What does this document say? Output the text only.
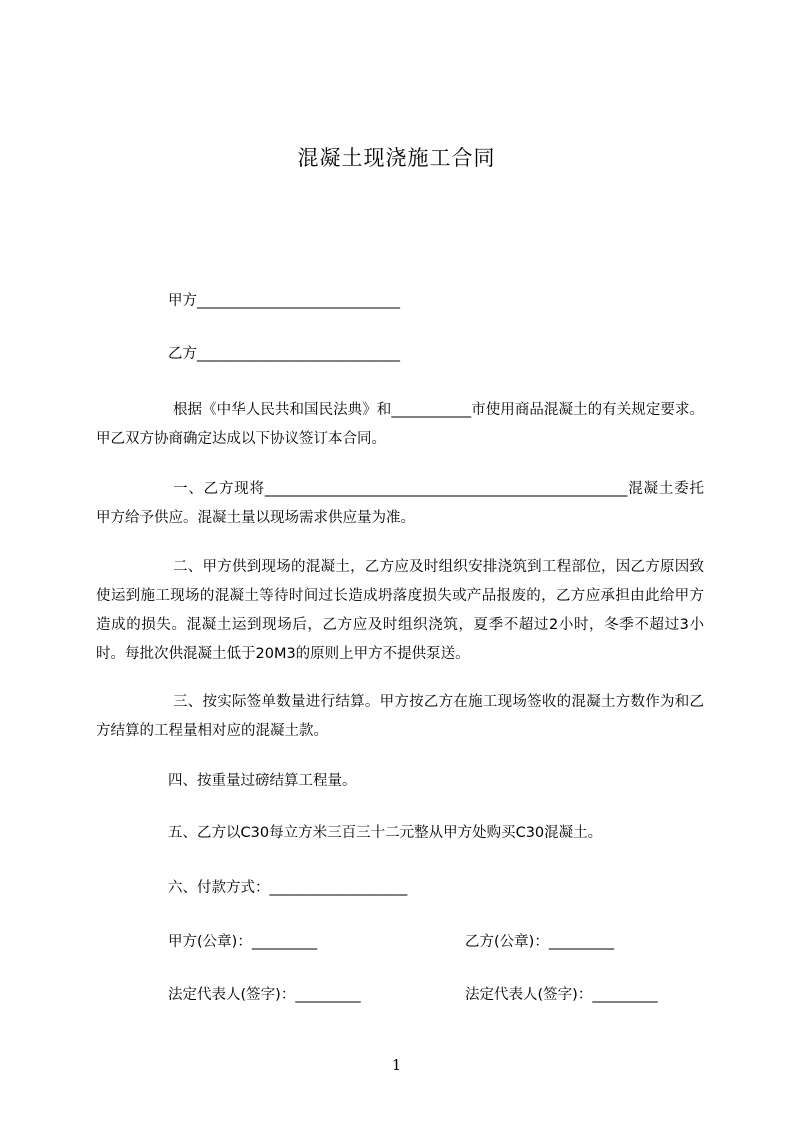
混凝土现浇施工合同
甲方____________________________
乙方____________________________
根据《中华人民共和国民法典》和___________市使用商品混凝土的有关规定要求。甲乙双方协商确定达成以下协议签订本合同。
一、乙方现将__________________________________________________混凝土委托甲方给予供应。混凝土量以现场需求供应量为准。
二、甲方供到现场的混凝土，乙方应及时组织安排浇筑到工程部位，因乙方原因致使运到施工现场的混凝土等待时间过长造成坍落度损失或产品报废的，乙方应承担由此给甲方造成的损失。混凝土运到现场后，乙方应及时组织浇筑，夏季不超过2小时，冬季不超过3小时。每批次供混凝土低于20M3的原则上甲方不提供泵送。
三、按实际签单数量进行结算。甲方按乙方在施工现场签收的混凝土方数作为和乙方结算的工程量相对应的混凝土款。
四、按重量过磅结算工程量。
五、乙方以C30每立方米三百三十二元整从甲方处购买C30混凝土。
六、付款方式：___________________
甲方(公章)：_________	乙方(公章)：_________
法定代表人(签字)：_________	法定代表人(签字)：_________
1
